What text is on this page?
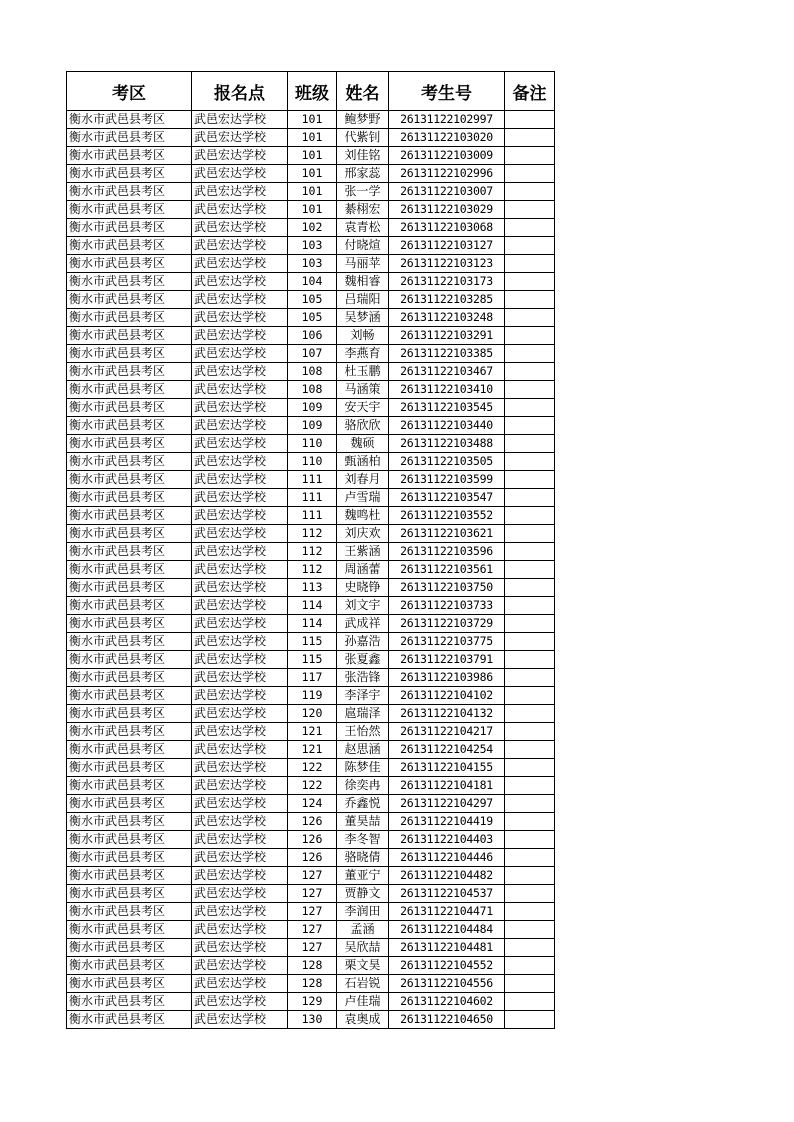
考区	报名点	班级	姓名	考生号	备注
衡水市武邑县考区	武邑宏达学校	101	鲍梦野	26131122102997	
衡水市武邑县考区	武邑宏达学校	101	代紫钊	26131122103020	
衡水市武邑县考区	武邑宏达学校	101	刘佳铭	26131122103009	
衡水市武邑县考区	武邑宏达学校	101	邢家蕊	26131122102996	
衡水市武邑县考区	武邑宏达学校	101	张一学	26131122103007	
衡水市武邑县考区	武邑宏达学校	101	綦栩宏	26131122103029	
衡水市武邑县考区	武邑宏达学校	102	袁青松	26131122103068	
衡水市武邑县考区	武邑宏达学校	103	付晓煊	26131122103127	
衡水市武邑县考区	武邑宏达学校	103	马丽苹	26131122103123	
衡水市武邑县考区	武邑宏达学校	104	魏相睿	26131122103173	
衡水市武邑县考区	武邑宏达学校	105	吕瑞阳	26131122103285	
衡水市武邑县考区	武邑宏达学校	105	吴梦涵	26131122103248	
衡水市武邑县考区	武邑宏达学校	106	刘畅	26131122103291	
衡水市武邑县考区	武邑宏达学校	107	李燕育	26131122103385	
衡水市武邑县考区	武邑宏达学校	108	杜玉鹏	26131122103467	
衡水市武邑县考区	武邑宏达学校	108	马涵策	26131122103410	
衡水市武邑县考区	武邑宏达学校	109	安天宇	26131122103545	
衡水市武邑县考区	武邑宏达学校	109	骆欣欣	26131122103440	
衡水市武邑县考区	武邑宏达学校	110	魏硕	26131122103488	
衡水市武邑县考区	武邑宏达学校	110	甄涵柏	26131122103505	
衡水市武邑县考区	武邑宏达学校	111	刘春月	26131122103599	
衡水市武邑县考区	武邑宏达学校	111	卢雪瑞	26131122103547	
衡水市武邑县考区	武邑宏达学校	111	魏鸣杜	26131122103552	
衡水市武邑县考区	武邑宏达学校	112	刘庆欢	26131122103621	
衡水市武邑县考区	武邑宏达学校	112	王紫涵	26131122103596	
衡水市武邑县考区	武邑宏达学校	112	周涵蕾	26131122103561	
衡水市武邑县考区	武邑宏达学校	113	史晓铮	26131122103750	
衡水市武邑县考区	武邑宏达学校	114	刘文宇	26131122103733	
衡水市武邑县考区	武邑宏达学校	114	武成祥	26131122103729	
衡水市武邑县考区	武邑宏达学校	115	孙嘉浩	26131122103775	
衡水市武邑县考区	武邑宏达学校	115	张夏鑫	26131122103791	
衡水市武邑县考区	武邑宏达学校	117	张浩锋	26131122103986	
衡水市武邑县考区	武邑宏达学校	119	李泽宇	26131122104102	
衡水市武邑县考区	武邑宏达学校	120	扈瑞泽	26131122104132	
衡水市武邑县考区	武邑宏达学校	121	王怡然	26131122104217	
衡水市武邑县考区	武邑宏达学校	121	赵思涵	26131122104254	
衡水市武邑县考区	武邑宏达学校	122	陈梦佳	26131122104155	
衡水市武邑县考区	武邑宏达学校	122	徐奕冉	26131122104181	
衡水市武邑县考区	武邑宏达学校	124	乔鑫悦	26131122104297	
衡水市武邑县考区	武邑宏达学校	126	董昊喆	26131122104419	
衡水市武邑县考区	武邑宏达学校	126	李冬智	26131122104403	
衡水市武邑县考区	武邑宏达学校	126	骆晓倩	26131122104446	
衡水市武邑县考区	武邑宏达学校	127	董亚宁	26131122104482	
衡水市武邑县考区	武邑宏达学校	127	贾静文	26131122104537	
衡水市武邑县考区	武邑宏达学校	127	李润田	26131122104471	
衡水市武邑县考区	武邑宏达学校	127	孟涵	26131122104484	
衡水市武邑县考区	武邑宏达学校	127	吴欣喆	26131122104481	
衡水市武邑县考区	武邑宏达学校	128	栗文昊	26131122104552	
衡水市武邑县考区	武邑宏达学校	128	石岩锐	26131122104556	
衡水市武邑县考区	武邑宏达学校	129	卢佳瑞	26131122104602	
衡水市武邑县考区	武邑宏达学校	130	袁奥成	26131122104650	
